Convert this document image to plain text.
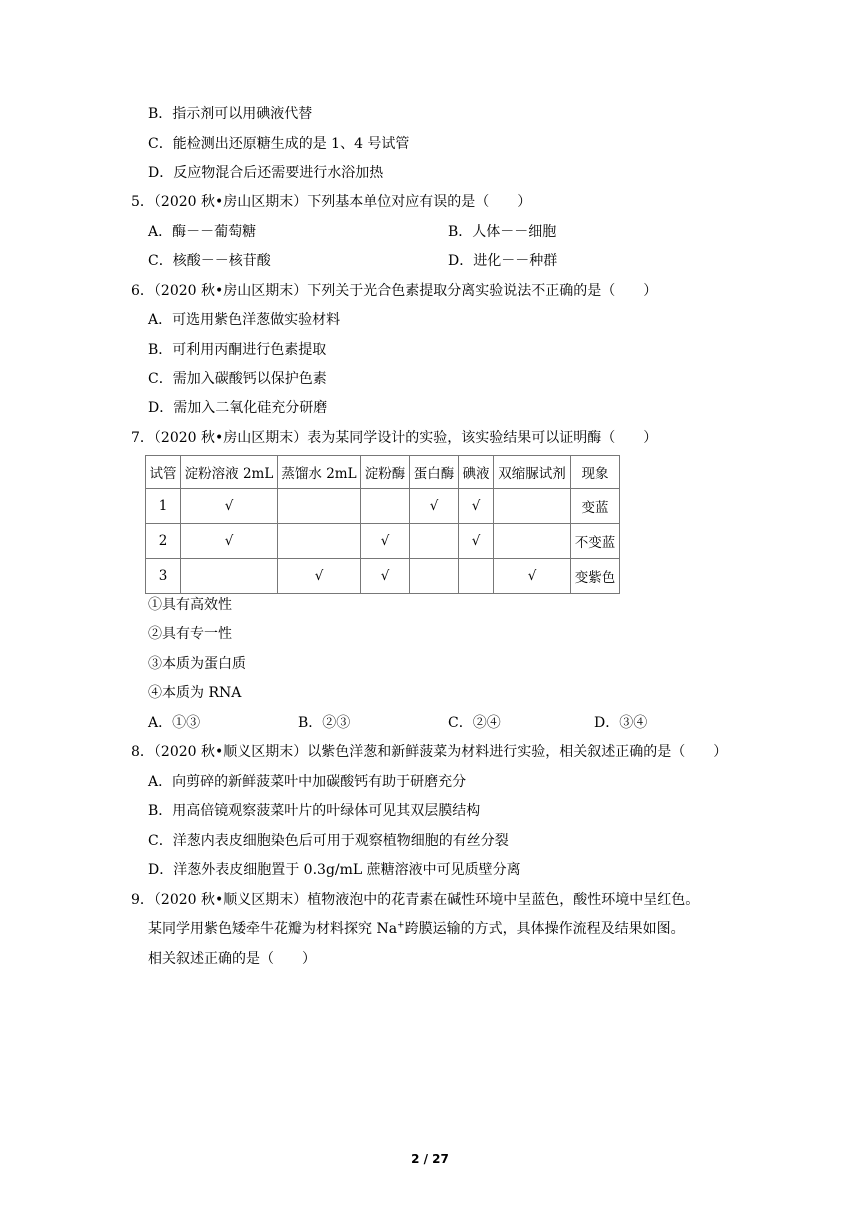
B．指示剂可以用碘液代替
C．能检测出还原糖生成的是 1、4 号试管
D．反应物混合后还需要进行水浴加热
5．（2020 秋•房山区期末）下列基本单位对应有误的是（　　）
A．酶－－葡萄糖	B．人体－－细胞
C．核酸－－核苷酸	D．进化－－种群
6．（2020 秋•房山区期末）下列关于光合色素提取分离实验说法不正确的是（　　）
A．可选用紫色洋葱做实验材料
B．可利用丙酮进行色素提取
C．需加入碳酸钙以保护色素
D．需加入二氧化硅充分研磨
7．（2020 秋•房山区期末）表为某同学设计的实验，该实验结果可以证明酶（　　）
试管	淀粉溶液 2mL	蒸馏水 2mL	淀粉酶	蛋白酶	碘液	双缩脲试剂	现象
1	√			√	√		变蓝
2	√		√		√		不变蓝
3		√	√			√	变紫色
①具有高效性
②具有专一性
③本质为蛋白质
④本质为 RNA
A．①③	B．②③	C．②④	D．③④
8．（2020 秋•顺义区期末）以紫色洋葱和新鲜菠菜为材料进行实验，相关叙述正确的是（　　）
A．向剪碎的新鲜菠菜叶中加碳酸钙有助于研磨充分
B．用高倍镜观察菠菜叶片的叶绿体可见其双层膜结构
C．洋葱内表皮细胞染色后可用于观察植物细胞的有丝分裂
D．洋葱外表皮细胞置于 0.3g/mL 蔗糖溶液中可见质壁分离
9．（2020 秋•顺义区期末）植物液泡中的花青素在碱性环境中呈蓝色，酸性环境中呈红色。
某同学用紫色矮牵牛花瓣为材料探究 Na+跨膜运输的方式，具体操作流程及结果如图。
相关叙述正确的是（　　）
2 / 27
